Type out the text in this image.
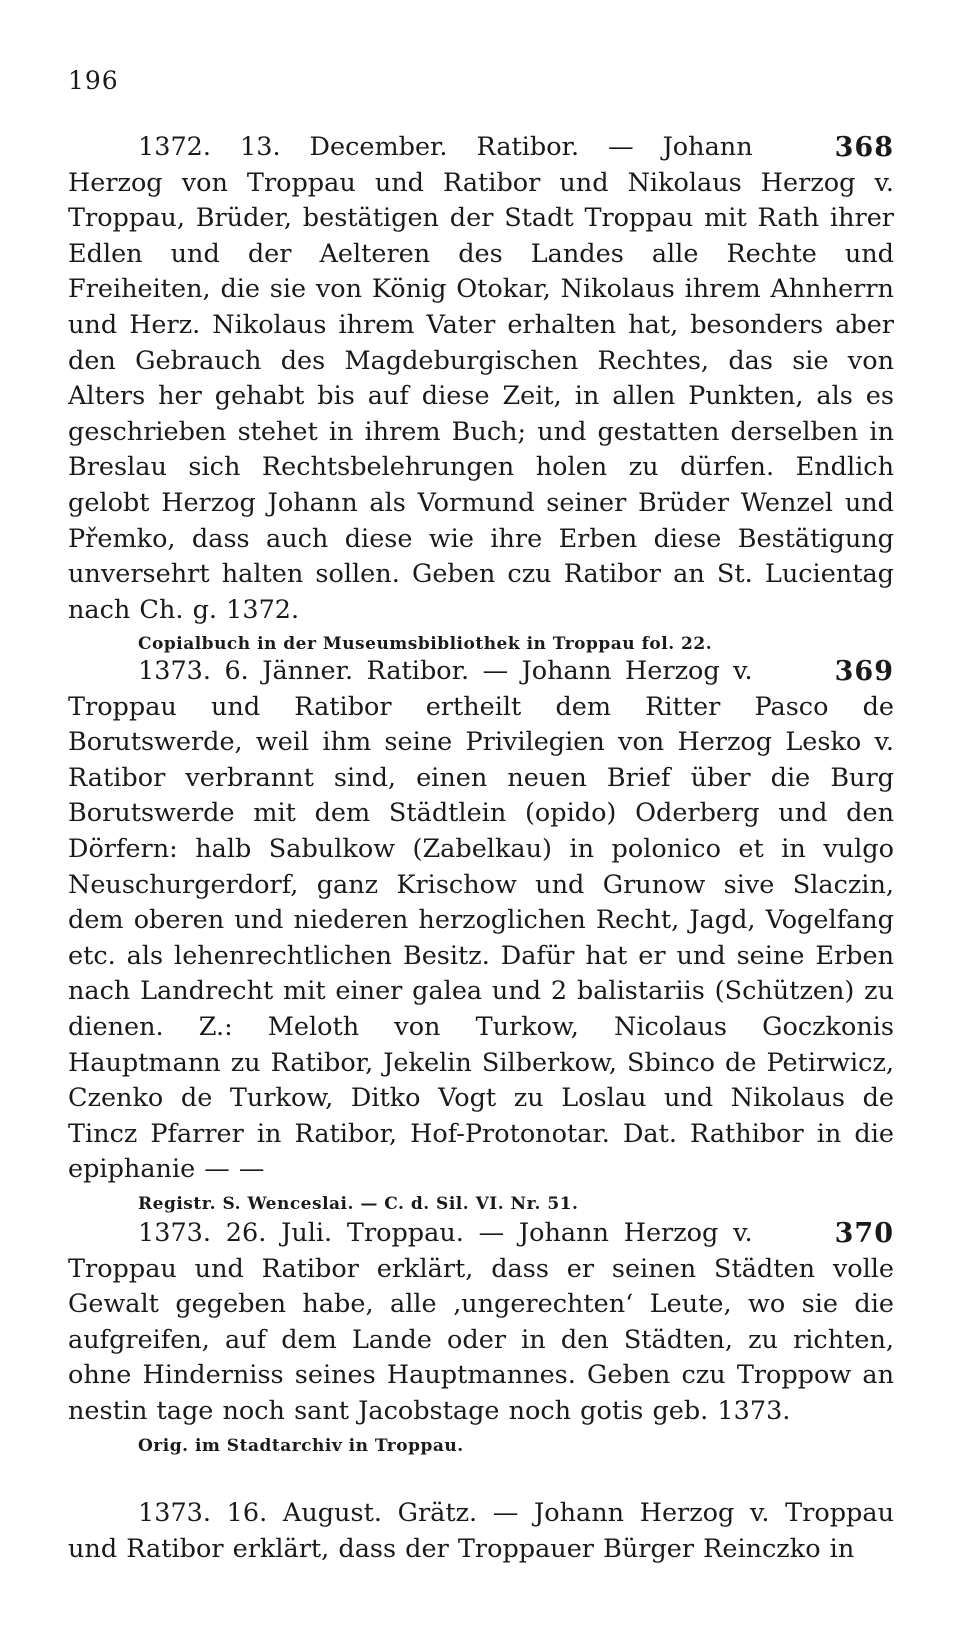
196

368
1372. 13. December. Ratibor. — Johann Herzog von Troppau und Ratibor und Nikolaus Herzog v. Troppau, Brüder, bestätigen der Stadt Troppau mit Rath ihrer Edlen und der Aelteren des Landes alle Rechte und Freiheiten, die sie von König Otokar, Nikolaus ihrem Ahnherrn und Herz. Nikolaus ihrem Vater erhalten hat, besonders aber den Gebrauch des Magdeburgischen Rechtes, das sie von Alters her gehabt bis auf diese Zeit, in allen Punkten, als es geschrieben stehet in ihrem Buch; und gestatten derselben in Breslau sich Rechtsbelehrungen holen zu dürfen. Endlich gelobt Herzog Johann als Vormund seiner Brüder Wenzel und Přemko, dass auch diese wie ihre Erben diese Bestätigung unversehrt halten sollen. Geben czu Ratibor an St. Lucientag nach Ch. g. 1372.

Copialbuch in der Museumsbibliothek in Troppau fol. 22.

369
1373. 6. Jänner. Ratibor. — Johann Herzog v. Troppau und Ratibor ertheilt dem Ritter Pasco de Borutswerde, weil ihm seine Privilegien von Herzog Lesko v. Ratibor verbrannt sind, einen neuen Brief über die Burg Borutswerde mit dem Städtlein (opido) Oderberg und den Dörfern: halb Sabulkow (Zabelkau) in polonico et in vulgo Neuschurgerdorf, ganz Krischow und Grunow sive Slaczin, dem oberen und niederen herzoglichen Recht, Jagd, Vogelfang etc. als lehenrechtlichen Besitz. Dafür hat er und seine Erben nach Landrecht mit einer galea und 2 balistariis (Schützen) zu dienen. Z.: Meloth von Turkow, Nicolaus Goczkonis Hauptmann zu Ratibor, Jekelin Silberkow, Sbinco de Petirwicz, Czenko de Turkow, Ditko Vogt zu Loslau und Nikolaus de Tincz Pfarrer in Ratibor, Hof-Protonotar. Dat. Rathibor in die epiphanie — —

Registr. S. Wenceslai. — C. d. Sil. VI. Nr. 51.

370
1373. 26. Juli. Troppau. — Johann Herzog v. Troppau und Ratibor erklärt, dass er seinen Städten volle Gewalt gegeben habe, alle ‚ungerechten‘ Leute, wo sie die aufgreifen, auf dem Lande oder in den Städten, zu richten, ohne Hinderniss seines Hauptmannes. Geben czu Troppow an nestin tage noch sant Jacobstage noch gotis geb. 1373.

Orig. im Stadtarchiv in Troppau.

1373. 16. August. Grätz. — Johann Herzog v. Troppau und Ratibor erklärt, dass der Troppauer Bürger Reinczko in
